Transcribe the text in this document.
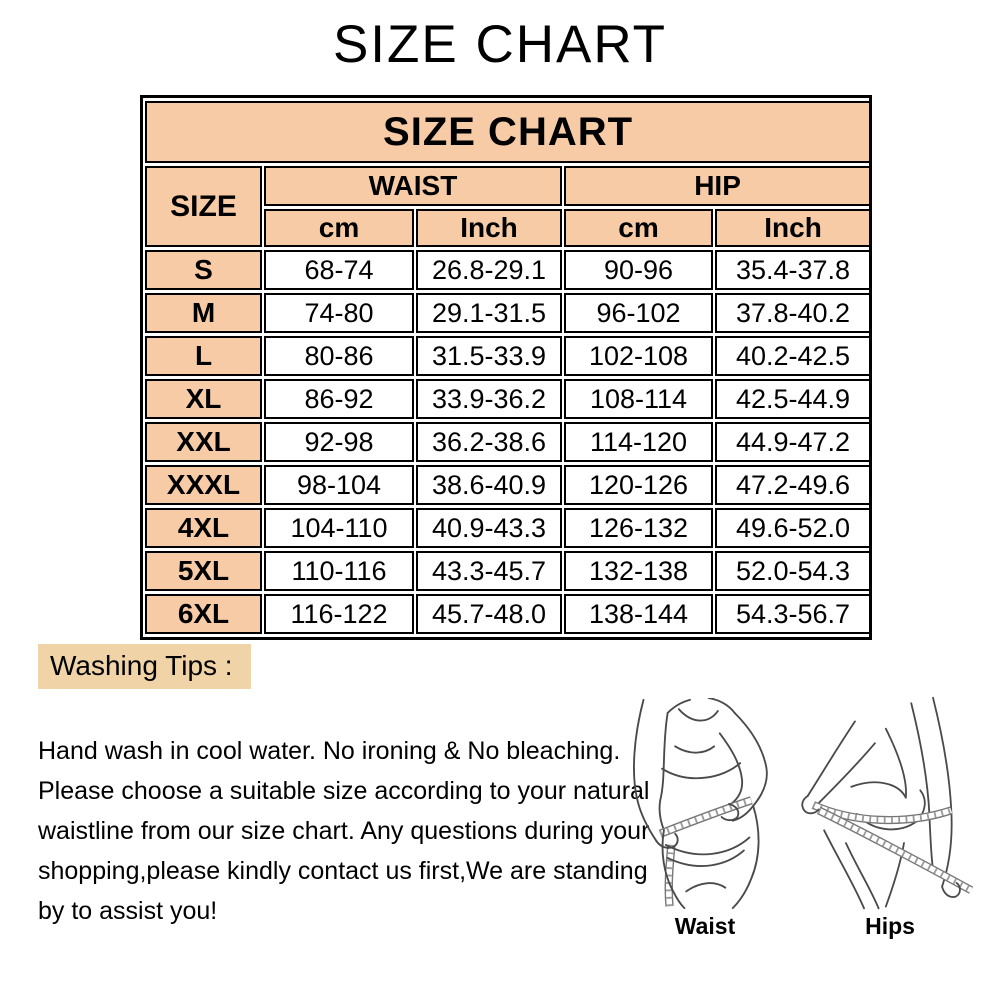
SIZE CHART
SIZE CHART				
SIZE	WAIST		HIP	
	cm	Inch	cm	Inch
S	68-74	26.8-29.1	90-96	35.4-37.8
M	74-80	29.1-31.5	96-102	37.8-40.2
L	80-86	31.5-33.9	102-108	40.2-42.5
XL	86-92	33.9-36.2	108-114	42.5-44.9
XXL	92-98	36.2-38.6	114-120	44.9-47.2
XXXL	98-104	38.6-40.9	120-126	47.2-49.6
4XL	104-110	40.9-43.3	126-132	49.6-52.0
5XL	110-116	43.3-45.7	132-138	52.0-54.3
6XL	116-122	45.7-48.0	138-144	54.3-56.7
Washing Tips :
Hand wash in cool water. No ironing & No bleaching.
Please choose a suitable size according to your natural
waistline from our size chart. Any questions during your
shopping,please kindly contact us first,We are standing
by to assist you!
Waist	Hips
